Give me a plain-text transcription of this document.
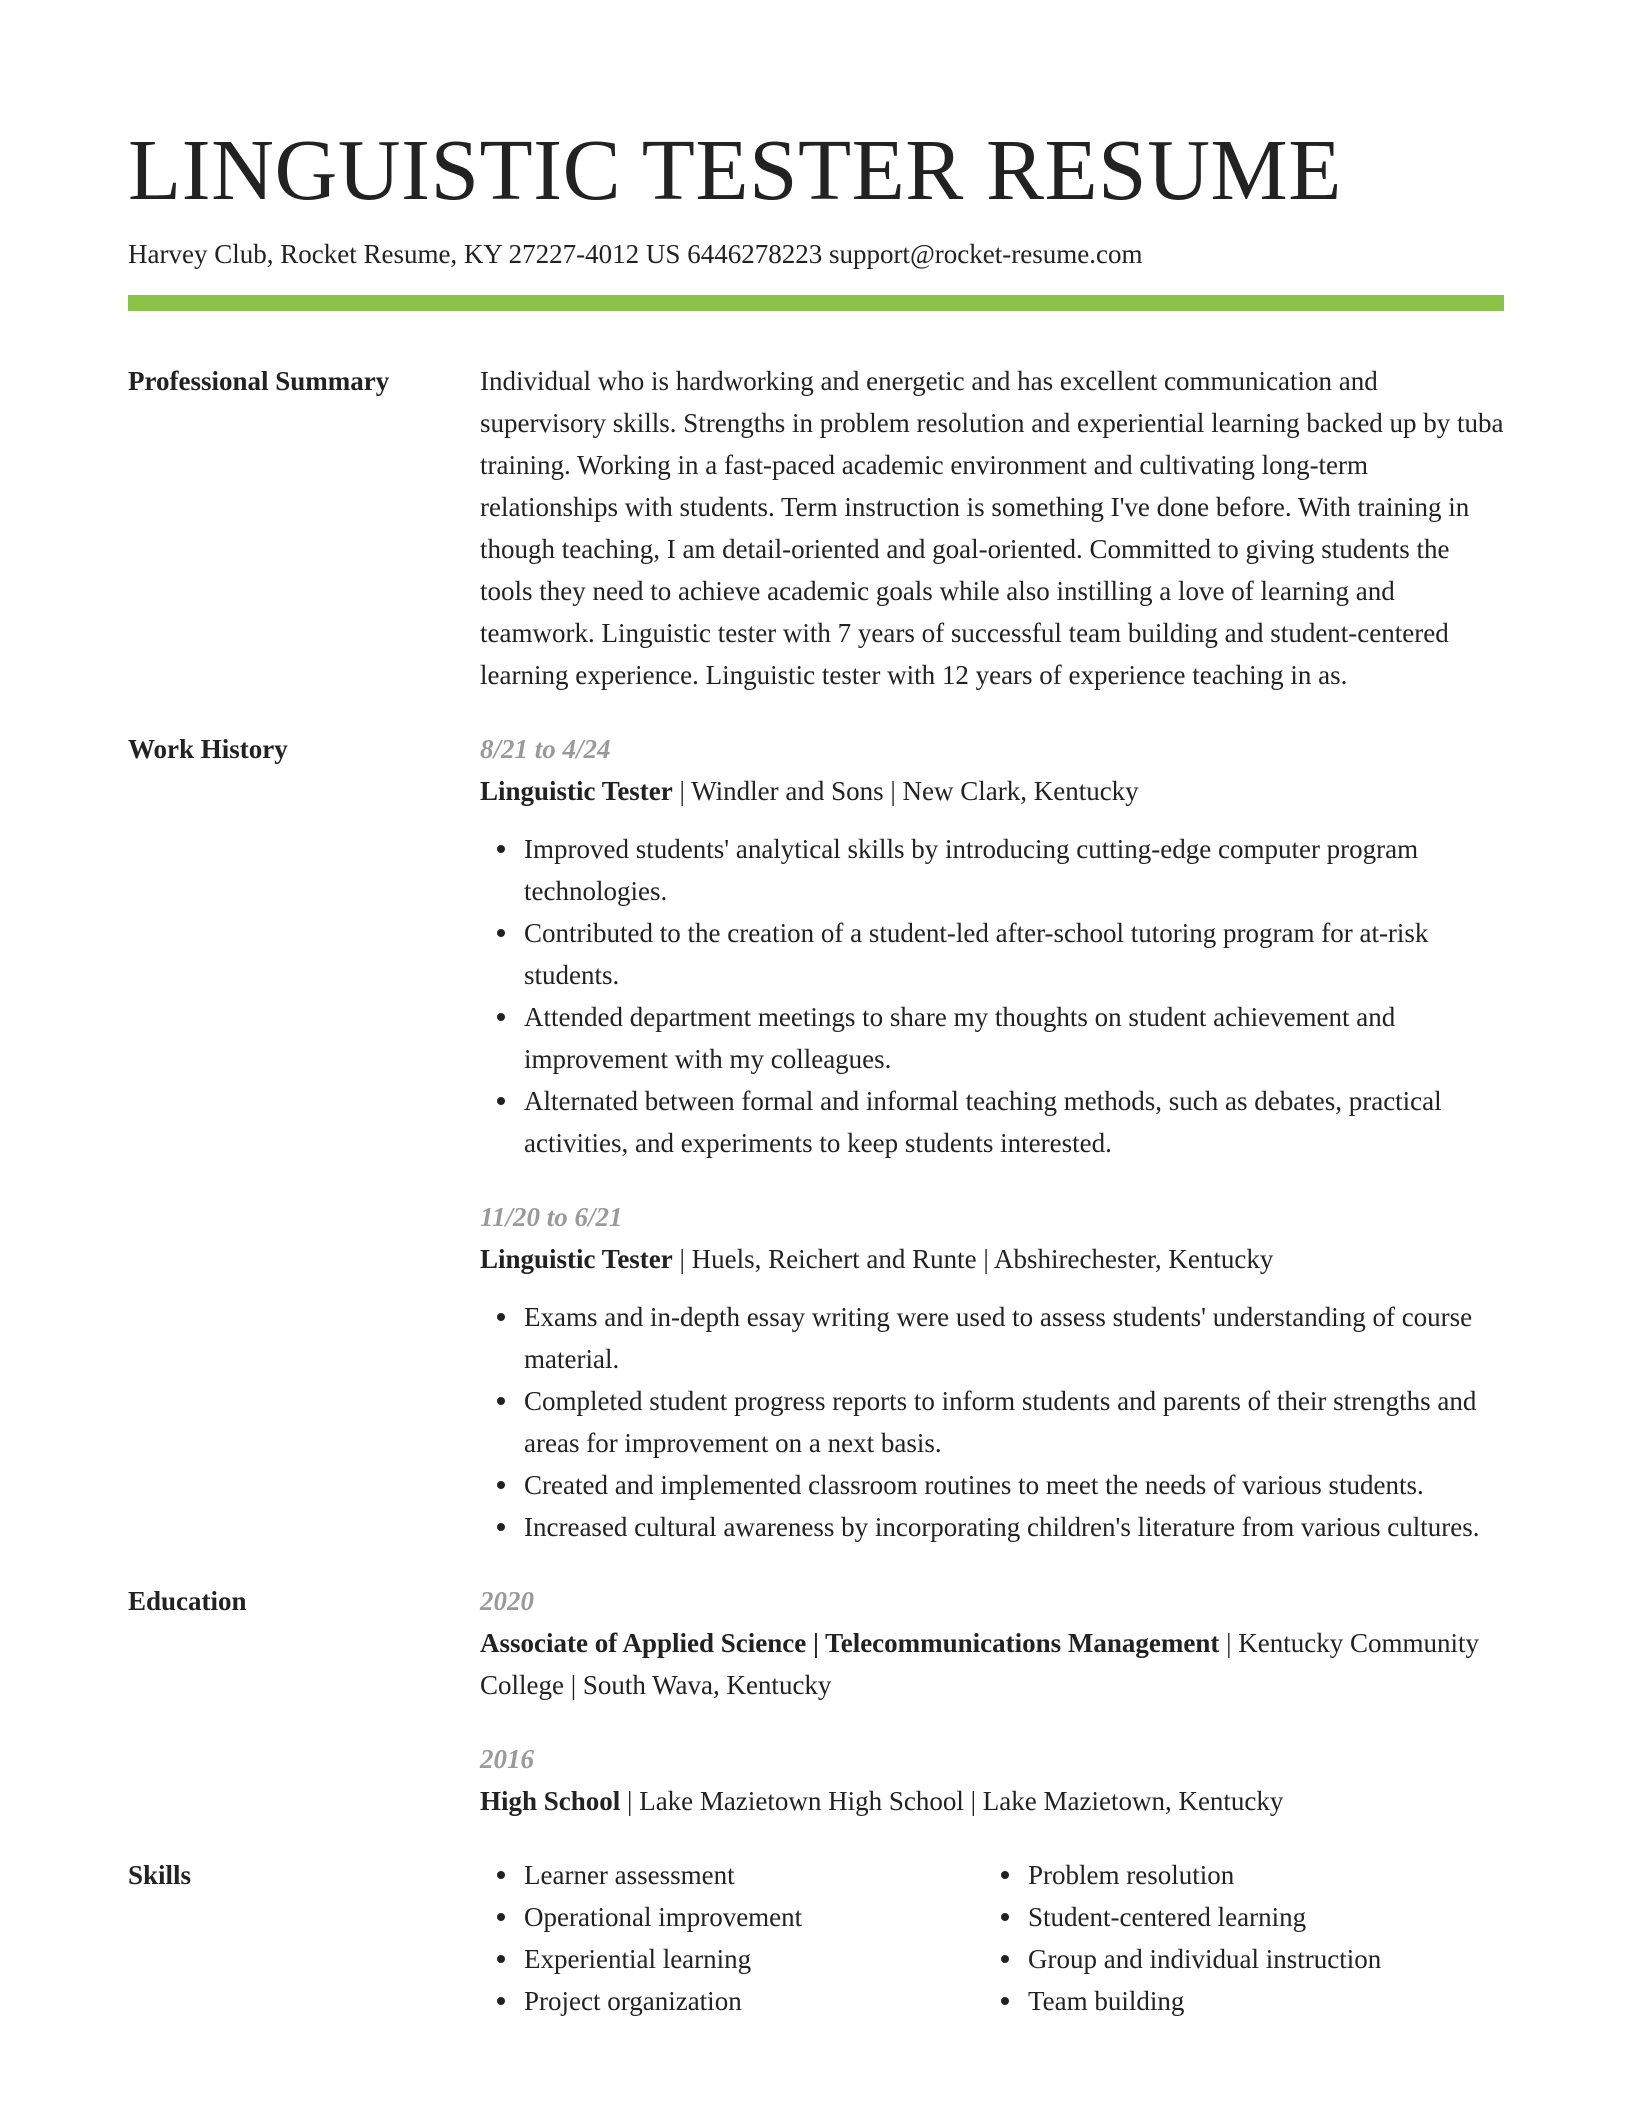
LINGUISTIC TESTER RESUME
Harvey Club, Rocket Resume, KY 27227-4012 US 6446278223 support@rocket-resume.com
Professional Summary	Individual who is hardworking and energetic and has excellent communication and supervisory skills. Strengths in problem resolution and experiential learning backed up by tuba training. Working in a fast-paced academic environment and cultivating long-term relationships with students. Term instruction is something I've done before. With training in though teaching, I am detail-oriented and goal-oriented. Committed to giving students the tools they need to achieve academic goals while also instilling a love of learning and teamwork. Linguistic tester with 7 years of successful team building and student-centered learning experience. Linguistic tester with 12 years of experience teaching in as.

Work History	8/21 to 4/24
Linguistic Tester | Windler and Sons | New Clark, Kentucky
Improved students' analytical skills by introducing cutting-edge computer program technologies.
Contributed to the creation of a student-led after-school tutoring program for at-risk students.
Attended department meetings to share my thoughts on student achievement and improvement with my colleagues.
Alternated between formal and informal teaching methods, such as debates, practical activities, and experiments to keep students interested.
11/20 to 6/21
Linguistic Tester | Huels, Reichert and Runte | Abshirechester, Kentucky
Exams and in-depth essay writing were used to assess students' understanding of course material.
Completed student progress reports to inform students and parents of their strengths and areas for improvement on a next basis.
Created and implemented classroom routines to meet the needs of various students.
Increased cultural awareness by incorporating children's literature from various cultures.
Education	2020
Associate of Applied Science | Telecommunications Management | Kentucky Community College | South Wava, Kentucky
2016
High School | Lake Mazietown High School | Lake Mazietown, Kentucky
Skills	Learner assessment
Operational improvement
Experiential learning
Project organization
Problem resolution
Student-centered learning
Group and individual instruction
Team building
